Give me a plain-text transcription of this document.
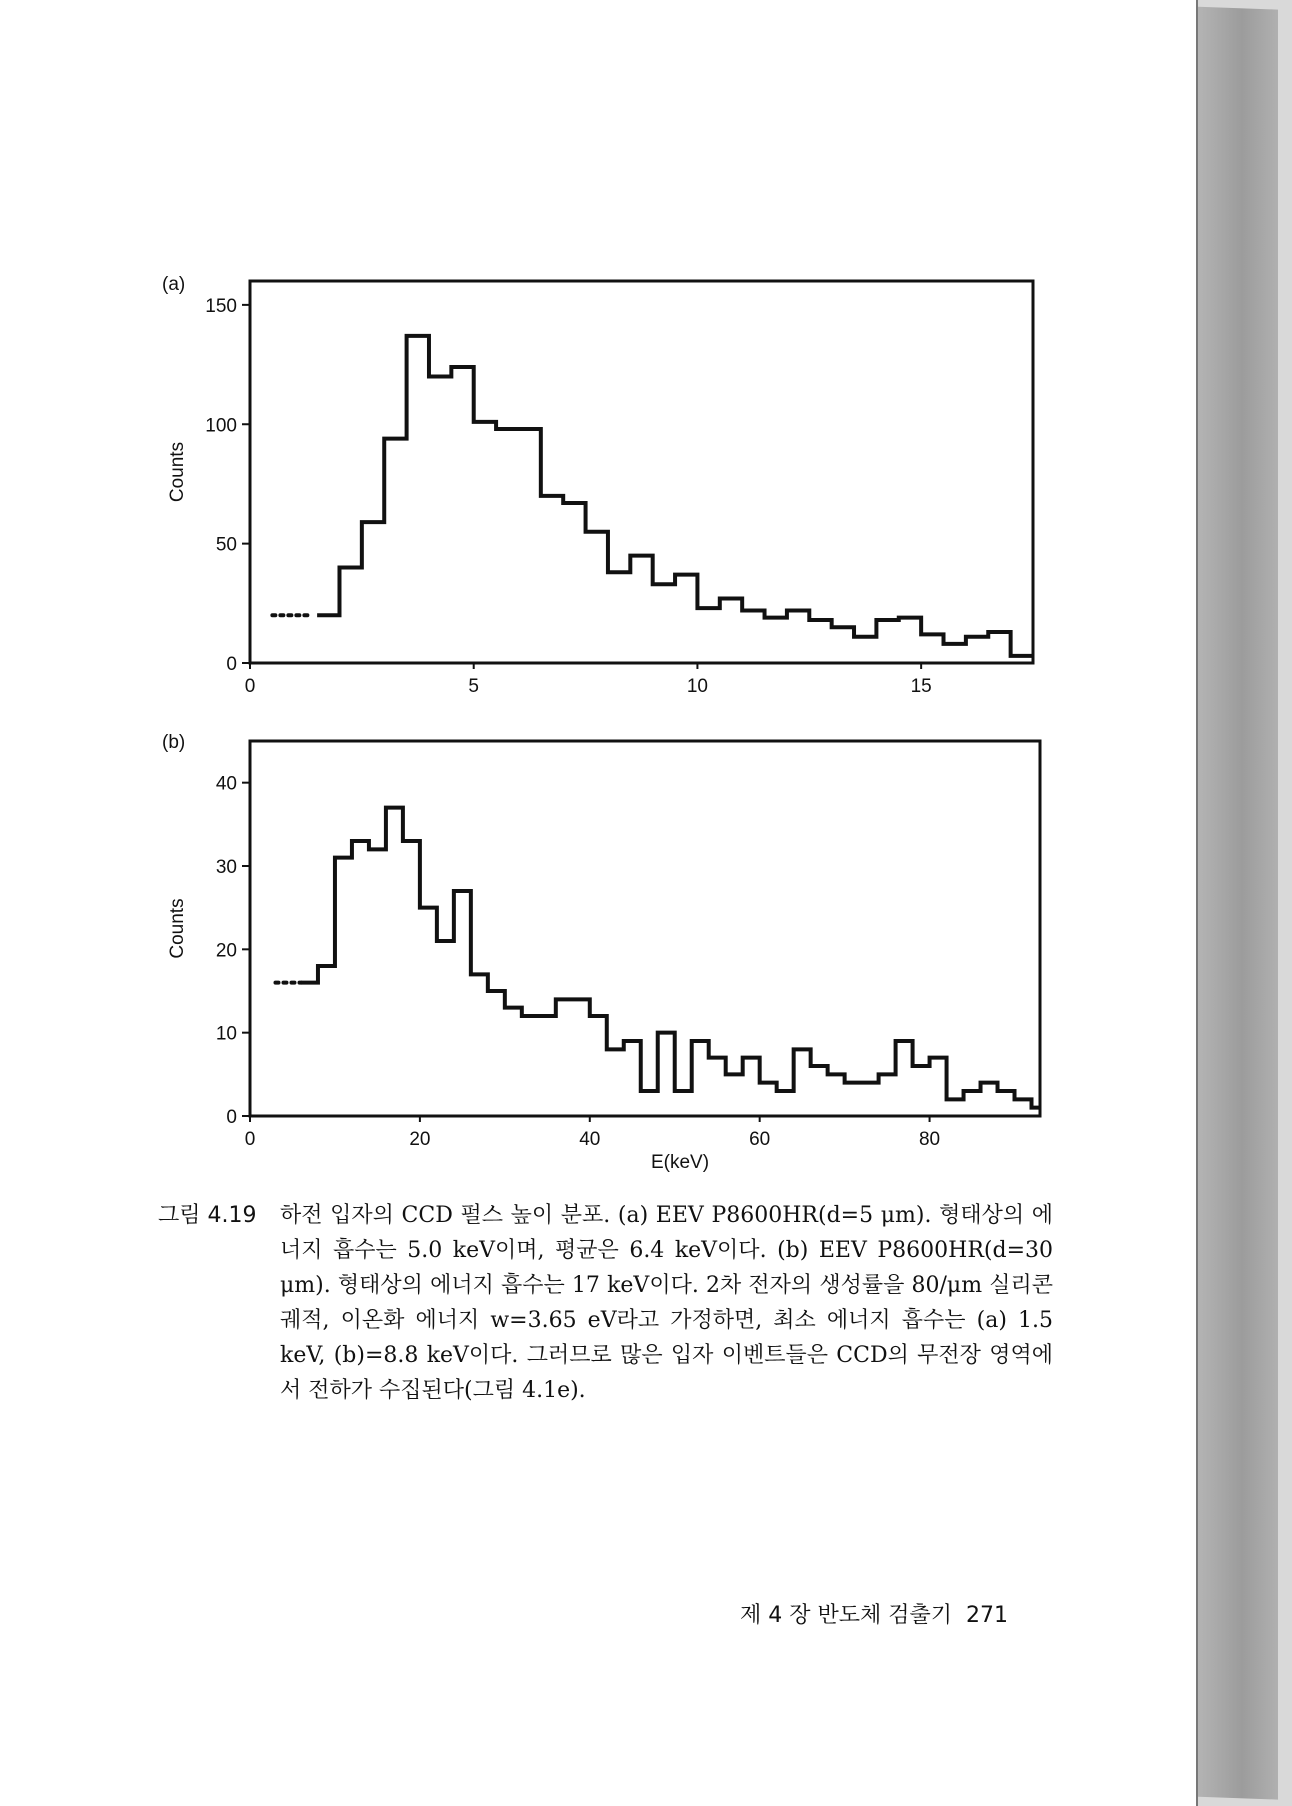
0
50
100
150
0	5	10	15
(a)
Counts
0
10
20
30
40
0	20	40	60	80
(b)
Counts
E(keV)
그림 4.19	하전 입자의 CCD 펄스 높이 분포. (a) EEV P8600HR(d=5 μm). 형태상의 에너지 흡수는 5.0 keV이며, 평균은 6.4 keV이다. (b) EEV P8600HR(d=30 μm). 형태상의 에너지 흡수는 17 keV이다. 2차 전자의 생성률을 80/μm 실리콘 궤적, 이온화 에너지 w=3.65 eV라고 가정하면, 최소 에너지 흡수는 (a) 1.5 keV, (b)=8.8 keV이다. 그러므로 많은 입자 이벤트들은 CCD의 무전장 영역에서 전하가 수집된다(그림 4.1e).
제 4 장 반도체 검출기 271
